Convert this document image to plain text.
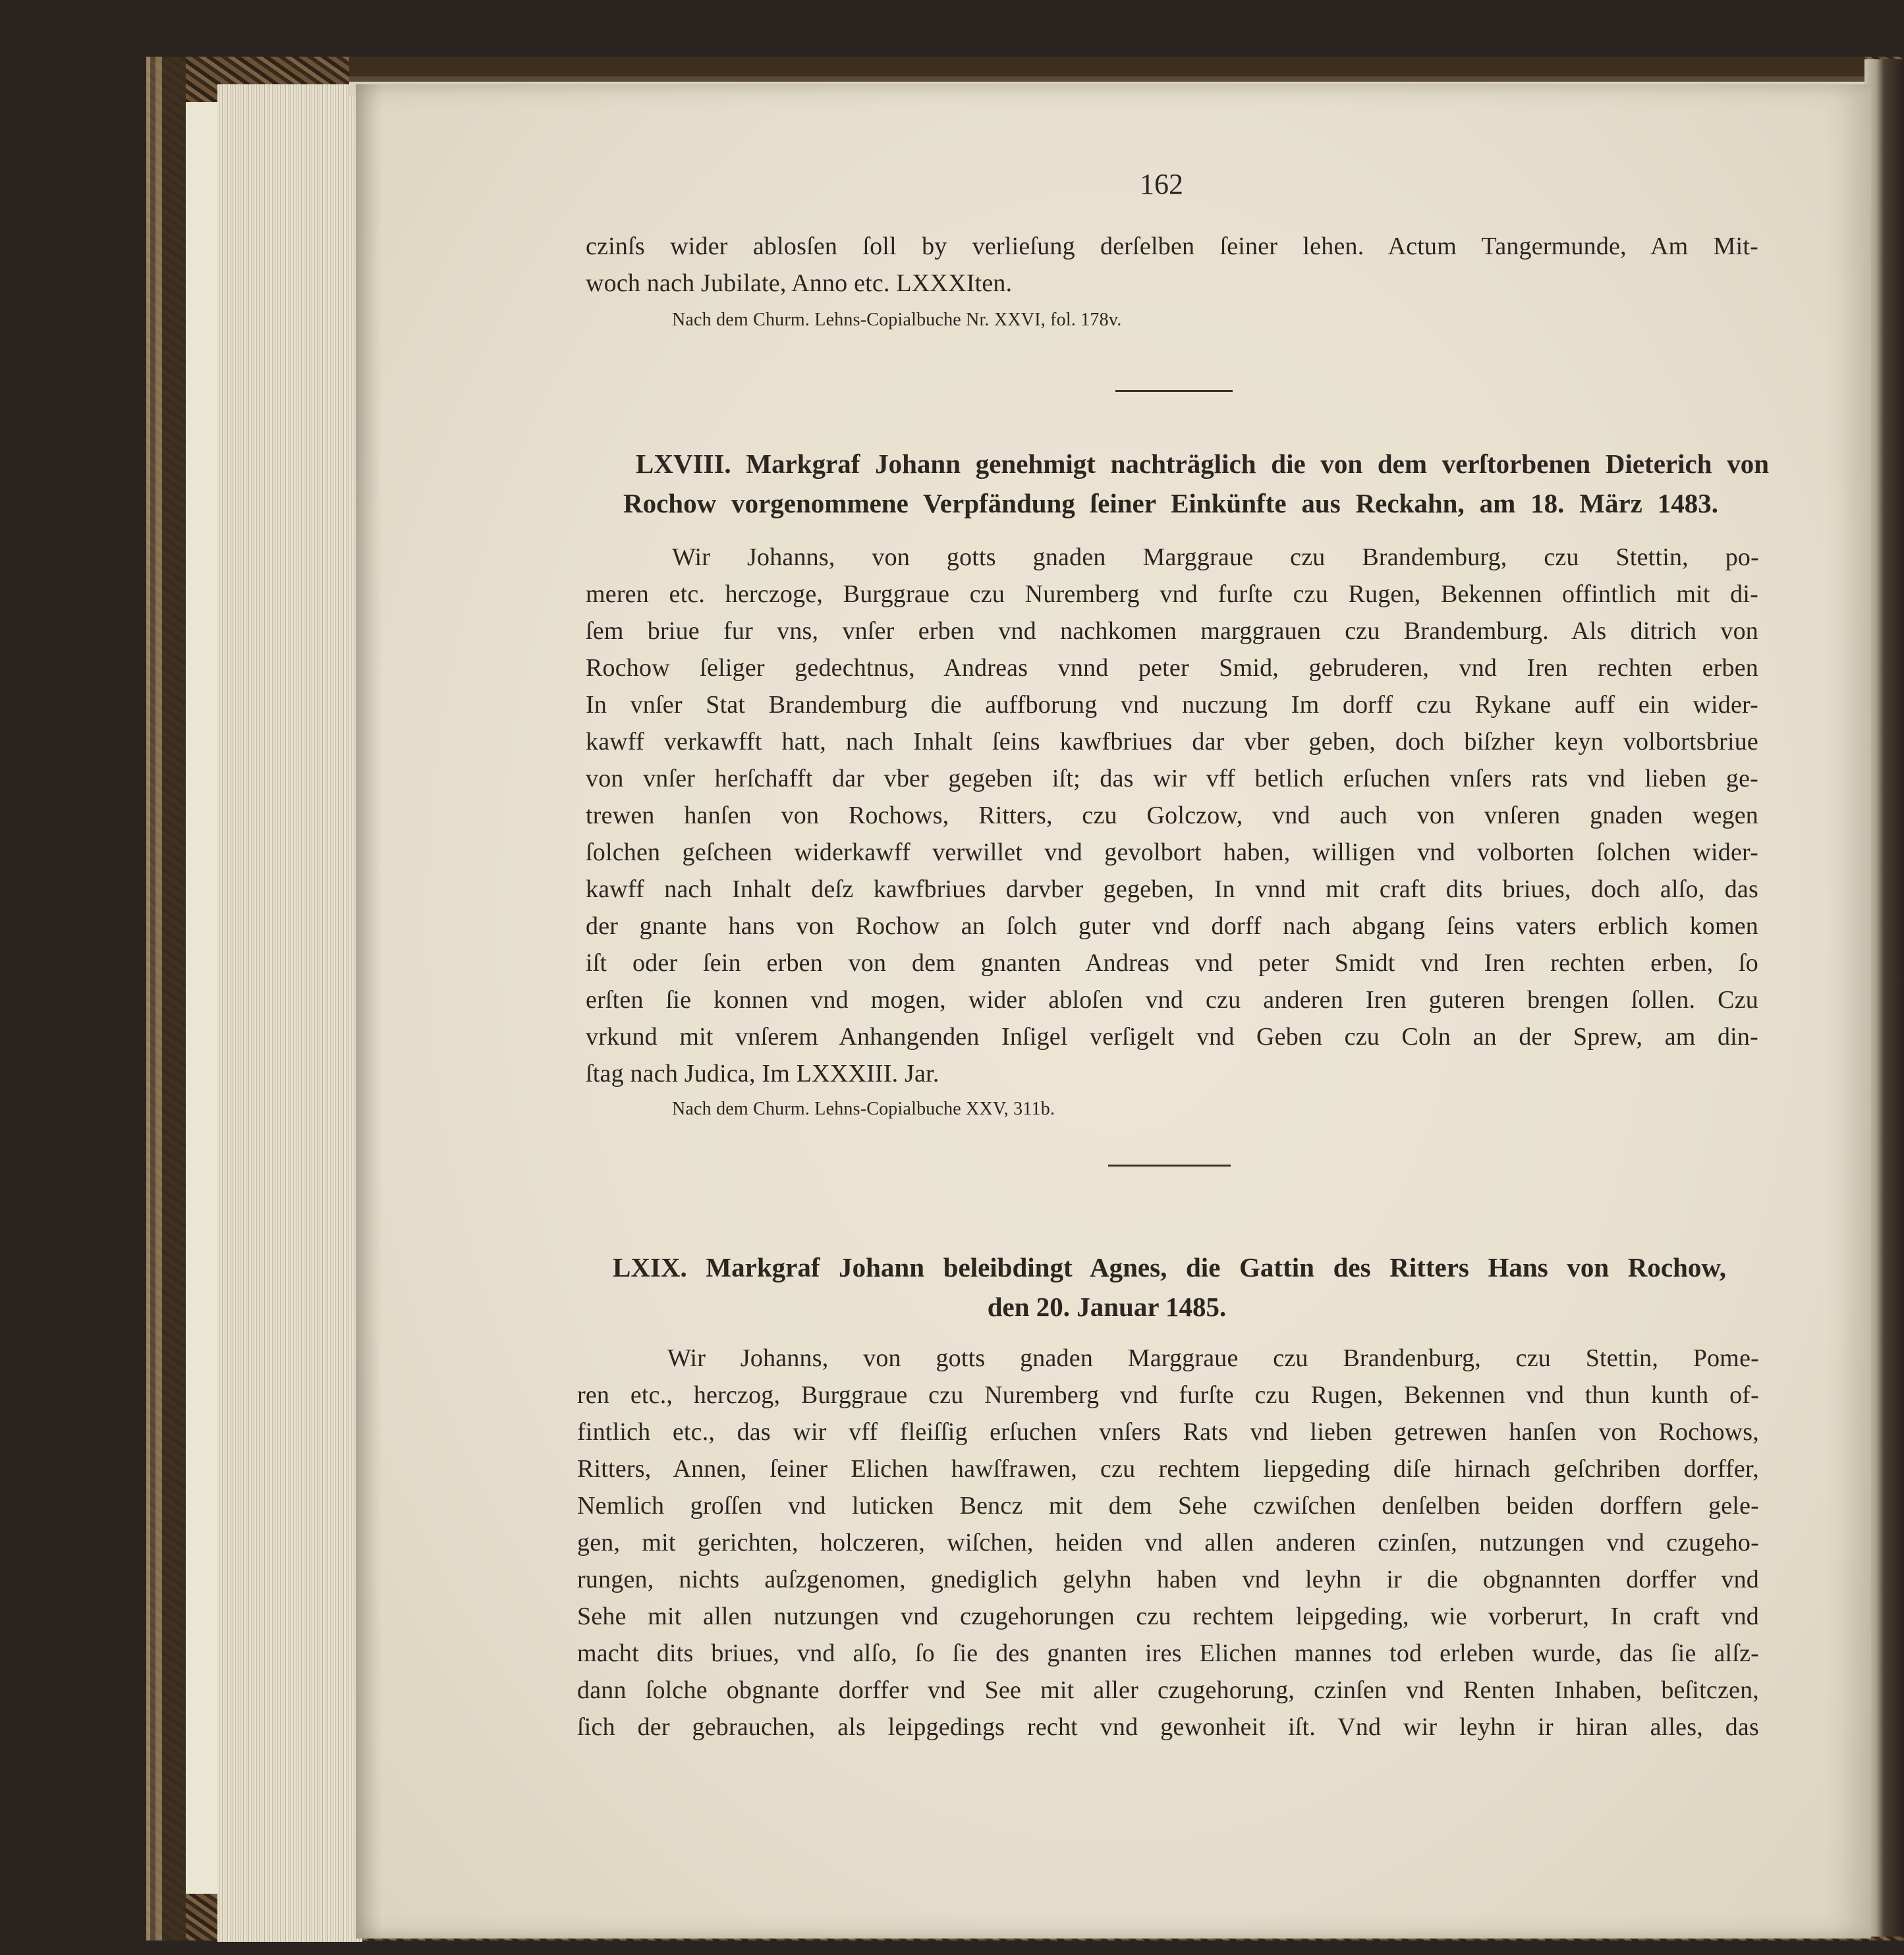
162
czinſs wider ablosſen ſoll by verlieſung derſelben ſeiner lehen. Actum Tangermunde, Am Mit-
woch nach Jubilate, Anno etc. LXXXIten.
Nach dem Churm. Lehns-Copialbuche Nr. XXVI, fol. 178v.
LXVIII. Markgraf Johann genehmigt nachträglich die von dem verſtorbenen Dieterich von
Rochow vorgenommene Verpfändung ſeiner Einkünfte aus Reckahn, am 18. März 1483.
Wir Johanns, von gotts gnaden Marggraue czu Brandemburg, czu Stettin, po-
meren etc. herczoge, Burggraue czu Nuremberg vnd furſte czu Rugen, Bekennen offintlich mit di-
ſem briue fur vns, vnſer erben vnd nachkomen marggrauen czu Brandemburg. Als ditrich von
Rochow ſeliger gedechtnus, Andreas vnnd peter Smid, gebruderen, vnd Iren rechten erben
In vnſer Stat Brandemburg die auffborung vnd nuczung Im dorff czu Rykane auff ein wider-
kawff verkawfft hatt, nach Inhalt ſeins kawfbriues dar vber geben, doch biſzher keyn volbortsbriue
von vnſer herſchafft dar vber gegeben iſt; das wir vff betlich erſuchen vnſers rats vnd lieben ge-
trewen hanſen von Rochows, Ritters, czu Golczow, vnd auch von vnſeren gnaden wegen
ſolchen geſcheen widerkawff verwillet vnd gevolbort haben, willigen vnd volborten ſolchen wider-
kawff nach Inhalt deſz kawfbriues darvber gegeben, In vnnd mit craft dits briues, doch alſo, das
der gnante hans von Rochow an ſolch guter vnd dorff nach abgang ſeins vaters erblich komen
iſt oder ſein erben von dem gnanten Andreas vnd peter Smidt vnd Iren rechten erben, ſo
erſten ſie konnen vnd mogen, wider abloſen vnd czu anderen Iren guteren brengen ſollen. Czu
vrkund mit vnſerem Anhangenden Inſigel verſigelt vnd Geben czu Coln an der Sprew, am din-
ſtag nach Judica, Im LXXXIII. Jar.
Nach dem Churm. Lehns-Copialbuche XXV, 311b.
LXIX. Markgraf Johann beleibdingt Agnes, die Gattin des Ritters Hans von Rochow,
den 20. Januar 1485.
Wir Johanns, von gotts gnaden Marggraue czu Brandenburg, czu Stettin, Pome-
ren etc., herczog, Burggraue czu Nuremberg vnd furſte czu Rugen, Bekennen vnd thun kunth of-
fintlich etc., das wir vff fleiſſig erſuchen vnſers Rats vnd lieben getrewen hanſen von Rochows,
Ritters, Annen, ſeiner Elichen hawſfrawen, czu rechtem liepgeding diſe hirnach geſchriben dorffer,
Nemlich groſſen vnd luticken Bencz mit dem Sehe czwiſchen denſelben beiden dorffern gele-
gen, mit gerichten, holczeren, wiſchen, heiden vnd allen anderen czinſen, nutzungen vnd czugeho-
rungen, nichts auſzgenomen, gnediglich gelyhn haben vnd leyhn ir die obgnannten dorffer vnd
Sehe mit allen nutzungen vnd czugehorungen czu rechtem leipgeding, wie vorberurt, In craft vnd
macht dits briues, vnd alſo, ſo ſie des gnanten ires Elichen mannes tod erleben wurde, das ſie alſz-
dann ſolche obgnante dorffer vnd See mit aller czugehorung, czinſen vnd Renten Inhaben, beſitczen,
ſich der gebrauchen, als leipgedings recht vnd gewonheit iſt. Vnd wir leyhn ir hiran alles, das
